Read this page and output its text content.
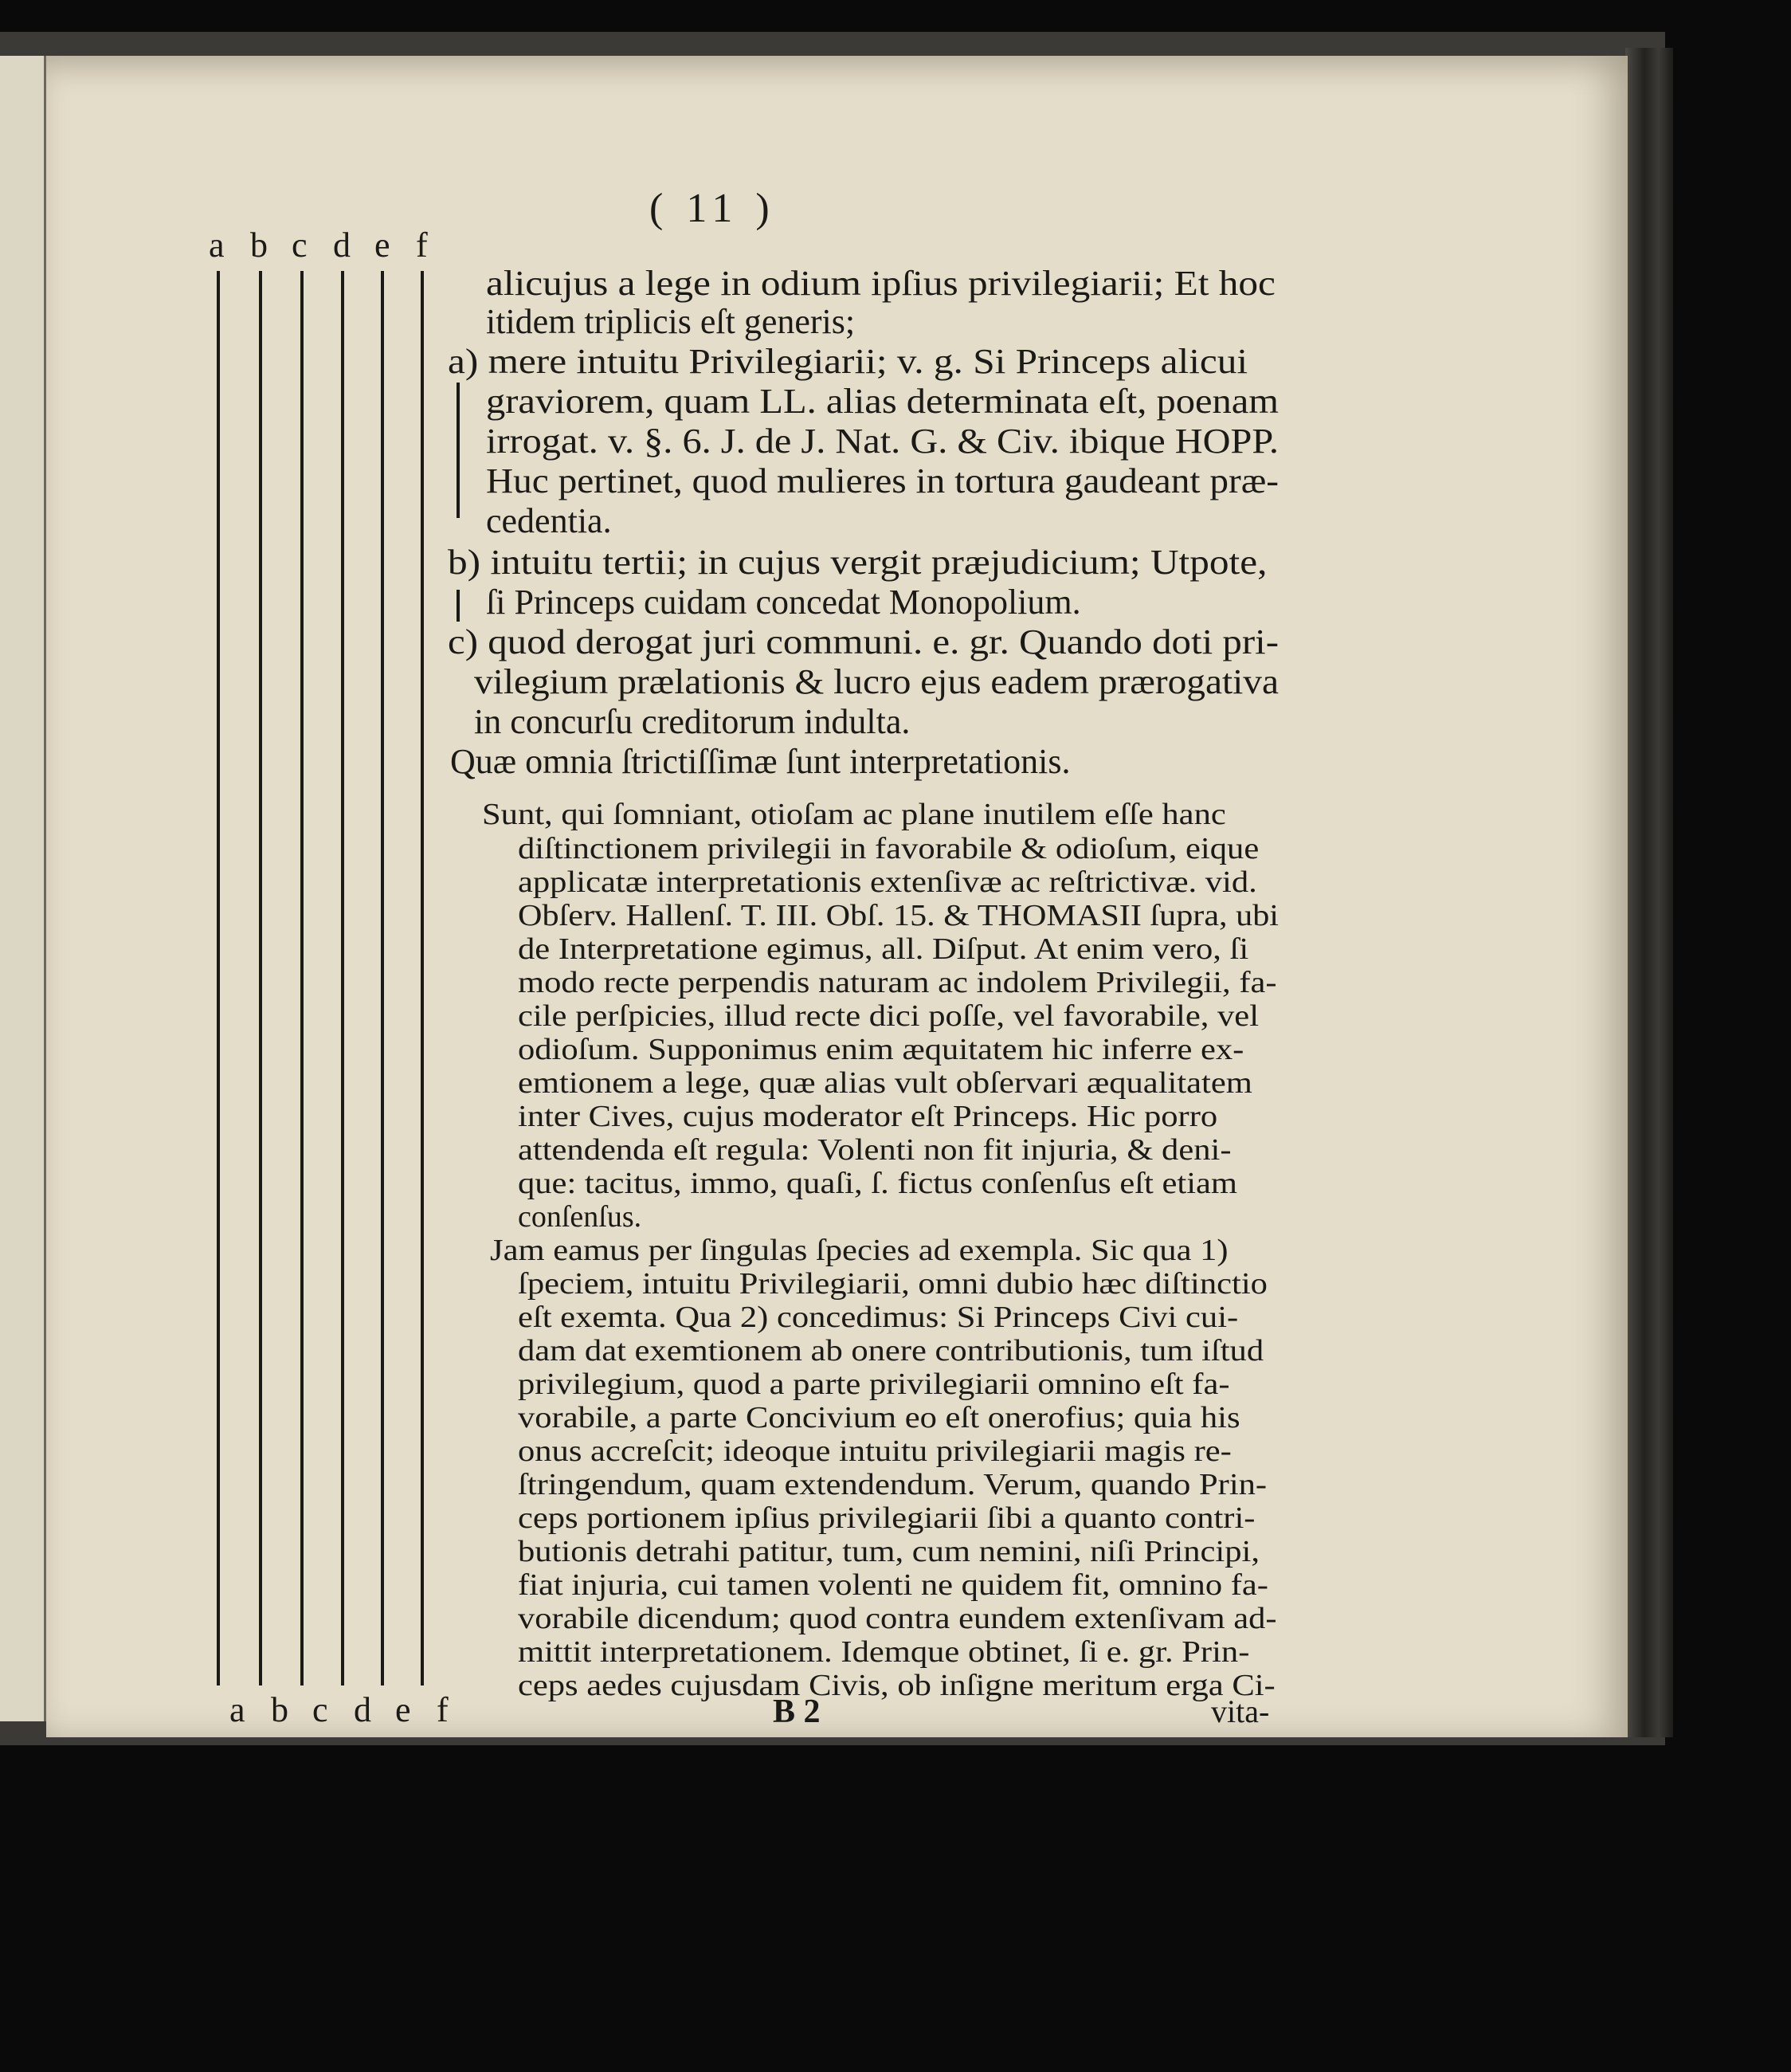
( 11 )
a b c d e f
a b c d e f
alicujus a lege in odium ipſius privilegiarii; Et hoc
itidem triplicis eſt generis;
a) mere intuitu Privilegiarii; v. g. Si Princeps alicui
graviorem, quam LL. alias determinata eſt, poenam
irrogat. v. §. 6. J. de J. Nat. G. & Civ. ibique HOPP.
Huc pertinet, quod mulieres in tortura gaudeant præ-
cedentia.
b) intuitu tertii; in cujus vergit præjudicium; Utpote,
ſi Princeps cuidam concedat Monopolium.
c) quod derogat juri communi. e. gr. Quando doti pri-
vilegium prælationis & lucro ejus eadem prærogativa
in concurſu creditorum indulta.
Quæ omnia ſtrictiſſimæ ſunt interpretationis.
Sunt, qui ſomniant, otioſam ac plane inutilem eſſe hanc
diſtinctionem privilegii in favorabile & odioſum, eique
applicatæ interpretationis extenſivæ ac reſtrictivæ. vid.
Obſerv. Hallenſ. T. III. Obſ. 15. & THOMASII ſupra, ubi
de Interpretatione egimus, all. Diſput. At enim vero, ſi
modo recte perpendis naturam ac indolem Privilegii, fa-
cile perſpicies, illud recte dici poſſe, vel favorabile, vel
odioſum. Supponimus enim æquitatem hic inferre ex-
emtionem a lege, quæ alias vult obſervari æqualitatem
inter Cives, cujus moderator eſt Princeps. Hic porro
attendenda eſt regula: Volenti non fit injuria, & deni-
que: tacitus, immo, quaſi, ſ. fictus conſenſus eſt etiam
conſenſus.
Jam eamus per ſingulas ſpecies ad exempla. Sic qua 1)
ſpeciem, intuitu Privilegiarii, omni dubio hæc diſtinctio
eſt exemta. Qua 2) concedimus: Si Princeps Civi cui-
dam dat exemtionem ab onere contributionis, tum iſtud
privilegium, quod a parte privilegiarii omnino eſt fa-
vorabile, a parte Concivium eo eſt onerofius; quia his
onus accreſcit; ideoque intuitu privilegiarii magis re-
ſtringendum, quam extendendum. Verum, quando Prin-
ceps portionem ipſius privilegiarii ſibi a quanto contri-
butionis detrahi patitur, tum, cum nemini, niſi Principi,
fiat injuria, cui tamen volenti ne quidem fit, omnino fa-
vorabile dicendum; quod contra eundem extenſivam ad-
mittit interpretationem. Idemque obtinet, ſi e. gr. Prin-
ceps aedes cujusdam Civis, ob inſigne meritum erga Ci-
B 2	vita-
